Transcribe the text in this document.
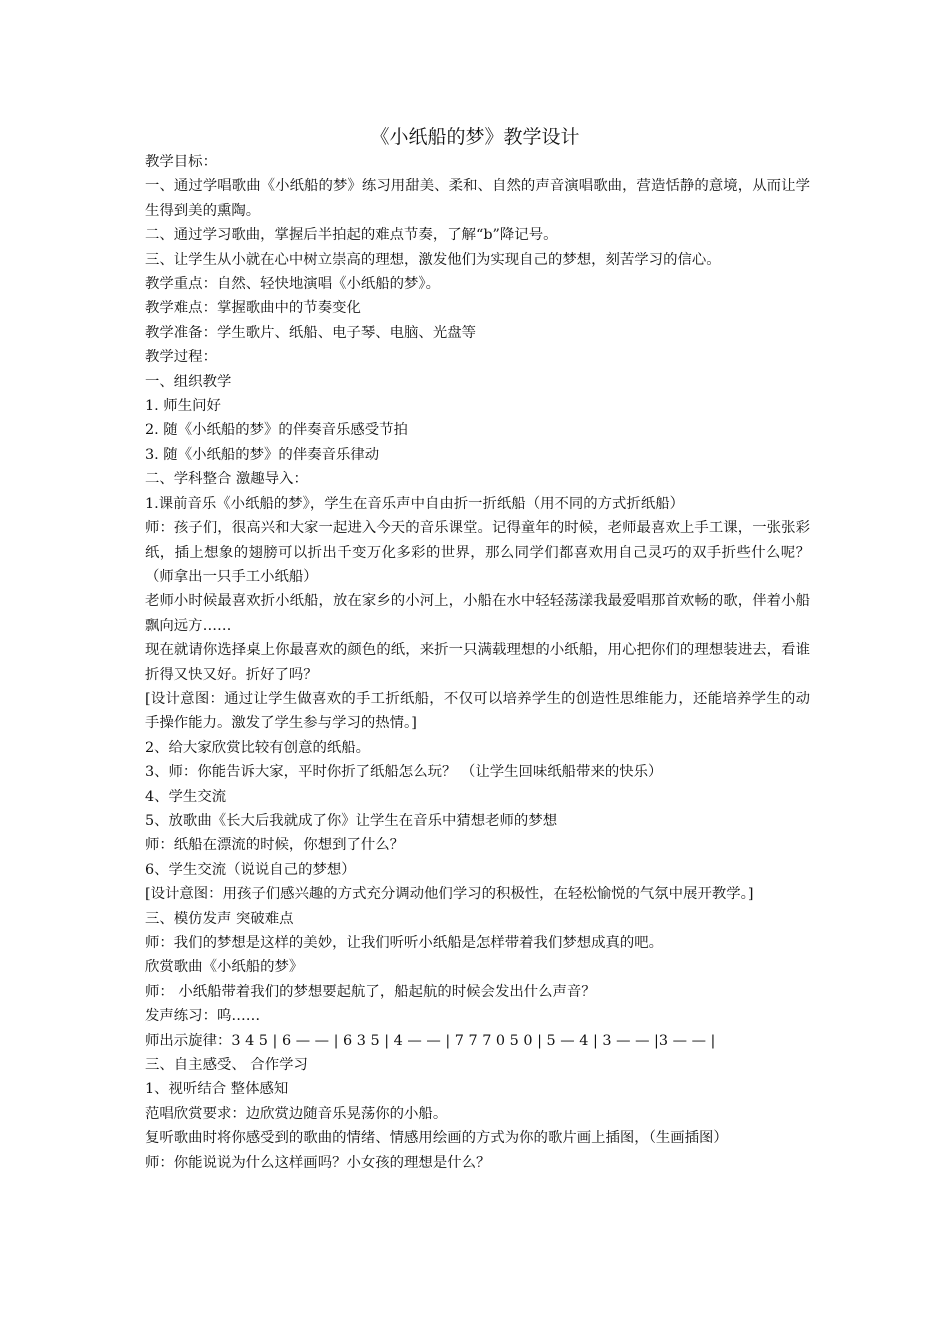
《小纸船的梦》教学设计

教学目标：

一、通过学唱歌曲《小纸船的梦》练习用甜美、柔和、自然的声音演唱歌曲，营造恬静的意境，从而让学生得到美的熏陶。

二、通过学习歌曲，掌握后半拍起的难点节奏，了解“b”降记号。

三、让学生从小就在心中树立崇高的理想，激发他们为实现自己的梦想，刻苦学习的信心。

教学重点：自然、轻快地演唱《小纸船的梦》。

教学难点：掌握歌曲中的节奏变化

教学准备：学生歌片、纸船、电子琴、电脑、光盘等

教学过程：

一、组织教学

1. 师生问好

2. 随《小纸船的梦》的伴奏音乐感受节拍

3. 随《小纸船的梦》的伴奏音乐律动

二、学科整合 激趣导入：

1.课前音乐《小纸船的梦》，学生在音乐声中自由折一折纸船（用不同的方式折纸船）

师：孩子们，很高兴和大家一起进入今天的音乐课堂。记得童年的时候，老师最喜欢上手工课，一张张彩纸，插上想象的翅膀可以折出千变万化多彩的世界，那么同学们都喜欢用自己灵巧的双手折些什么呢？ （师拿出一只手工小纸船）

老师小时候最喜欢折小纸船，放在家乡的小河上，小船在水中轻轻荡漾我最爱唱那首欢畅的歌，伴着小船飘向远方……

现在就请你选择桌上你最喜欢的颜色的纸，来折一只满载理想的小纸船，用心把你们的理想装进去，看谁折得又快又好。折好了吗？

[设计意图：通过让学生做喜欢的手工折纸船，不仅可以培养学生的创造性思维能力，还能培养学生的动手操作能力。激发了学生参与学习的热情。]

2、给大家欣赏比较有创意的纸船。

3、师：你能告诉大家，平时你折了纸船怎么玩？ （让学生回味纸船带来的快乐）

4、学生交流

5、放歌曲《长大后我就成了你》让学生在音乐中猜想老师的梦想

师：纸船在漂流的时候，你想到了什么？

6、学生交流（说说自己的梦想）

[设计意图：用孩子们感兴趣的方式充分调动他们学习的积极性，在轻松愉悦的气氛中展开教学。]

三、模仿发声 突破难点

师：我们的梦想是这样的美妙，让我们听听小纸船是怎样带着我们梦想成真的吧。

欣赏歌曲《小纸船的梦》

师： 小纸船带着我们的梦想要起航了，船起航的时候会发出什么声音？

发声练习：呜……

师出示旋律：3 4 5 | 6 — — | 6 3 5 | 4 — — | 7 7 7 0 5 0 | 5 — 4 | 3 — — |3 — — |

三、自主感受、 合作学习

1、视听结合 整体感知

范唱欣赏要求：边欣赏边随音乐晃荡你的小船。

复听歌曲时将你感受到的歌曲的情绪、情感用绘画的方式为你的歌片画上插图，（生画插图）

师：你能说说为什么这样画吗？小女孩的理想是什么？
